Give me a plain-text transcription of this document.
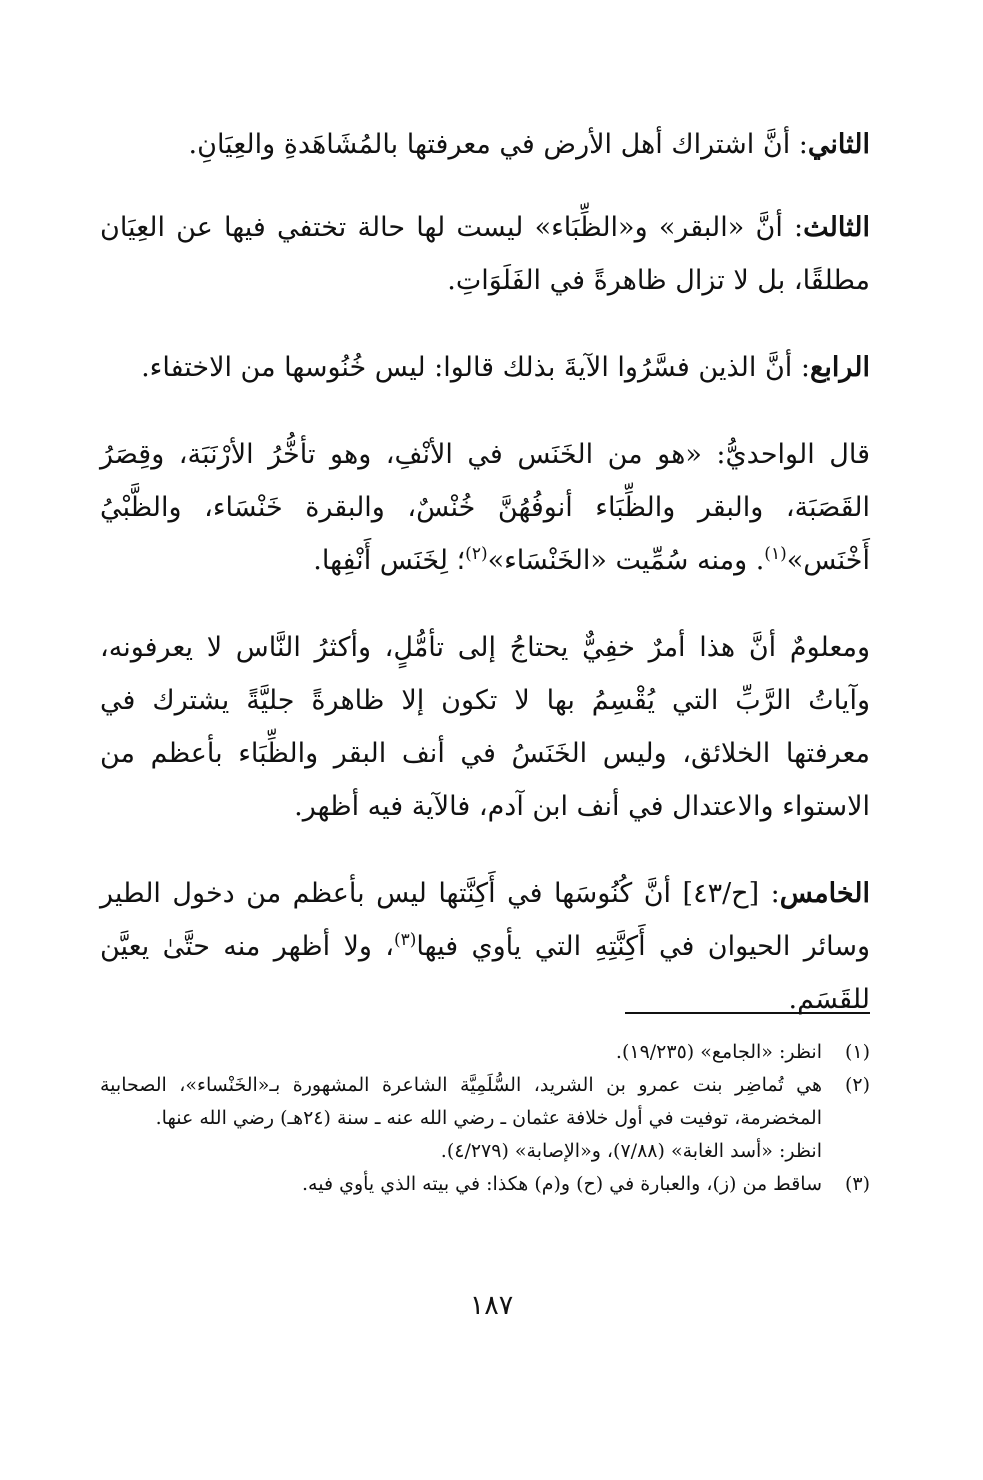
الثاني: أنَّ اشتراك أهل الأرض في معرفتها بالمُشَاهَدةِ والعِيَانِ.

الثالث: أنَّ «البقر» و«الظِّبَاء» ليست لها حالة تختفي فيها عن العِيَان مطلقًا، بل لا تزال ظاهرةً في الفَلَوَاتِ.

الرابع: أنَّ الذين فسَّرُوا الآيةَ بذلك قالوا: ليس خُنُوسها من الاختفاء.

قال الواحديُّ: «هو من الخَنَس في الأنْفِ، وهو تأخُّرُ الأرْنَبَة، وقِصَرُ القَصَبَة، والبقر والظِّبَاء أنوفُهُنَّ خُنْسٌ، والبقرة خَنْسَاء، والظَّبْيُ أَخْنَس»$^{(١)}$. ومنه سُمِّيت «الخَنْسَاء»$^{(٢)}$؛ لِخَنَس أَنْفِها.

ومعلومٌ أنَّ هذا أمرٌ خفِيٌّ يحتاجُ إلى تأمُّلٍ، وأكثرُ النَّاس لا يعرفونه، وآياتُ الرَّبِّ التي يُقْسِمُ بها لا تكون إلا ظاهرةً جليَّةً يشترك في معرفتها الخلائق، وليس الخَنَسُ في أنف البقر والظِّبَاء بأعظم من الاستواء والاعتدال في أنف ابن آدم، فالآية فيه أظهر.

الخامس: [ح/٤٣] أنَّ كُنُوسَها في أَكِنَّتها ليس بأعظم من دخول الطير وسائر الحيوان في أَكِنَّتِهِ التي يأوي فيها$^{(٣)}$، ولا أظهر منه حتَّىٰ يعيَّن للقَسَم.

(١)
انظر: «الجامع» (١٩/٢٣٥).
(٢)
هي تُماضِر بنت عمرو بن الشريد، السُّلَمِيَّة الشاعرة المشهورة بـ«الخَنْساء»، الصحابية المخضرمة، توفيت في أول خلافة عثمان ـ رضي الله عنه ـ سنة (٢٤هـ) رضي الله عنها.
انظر: «أسد الغابة» (٧/٨٨)، و«الإصابة» (٤/٢٧٩).
(٣)
ساقط من (ز)، والعبارة في (ح) و(م) هكذا: في بيته الذي يأوي فيه.
١٨٧
